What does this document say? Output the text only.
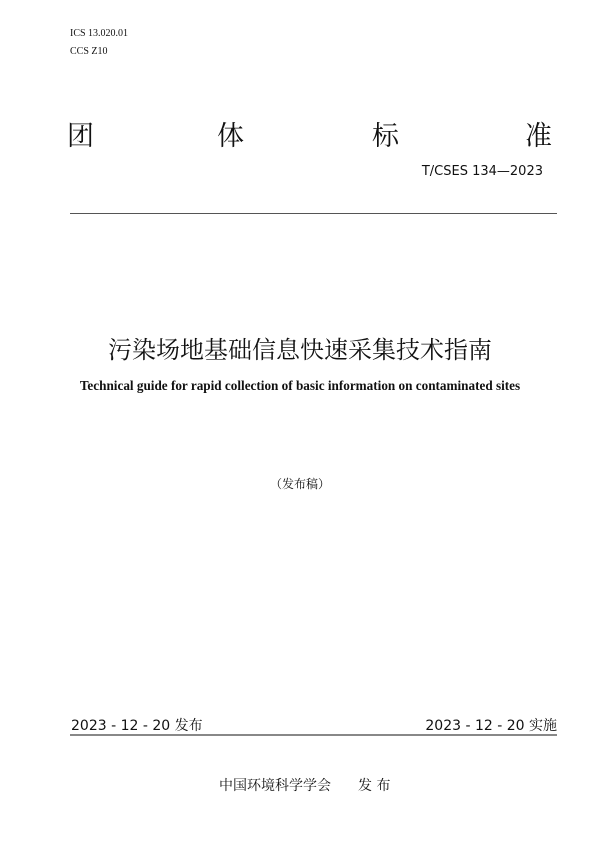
ICS 13.020.01
CCS Z10
团	体	标	准
T/CSES 134—2023
污染场地基础信息快速采集技术指南
Technical guide for rapid collection of basic information on contaminated sites
（发布稿）
2023 - 12 - 20 发布	2023 - 12 - 20 实施
中国环境科学学会 发 布
